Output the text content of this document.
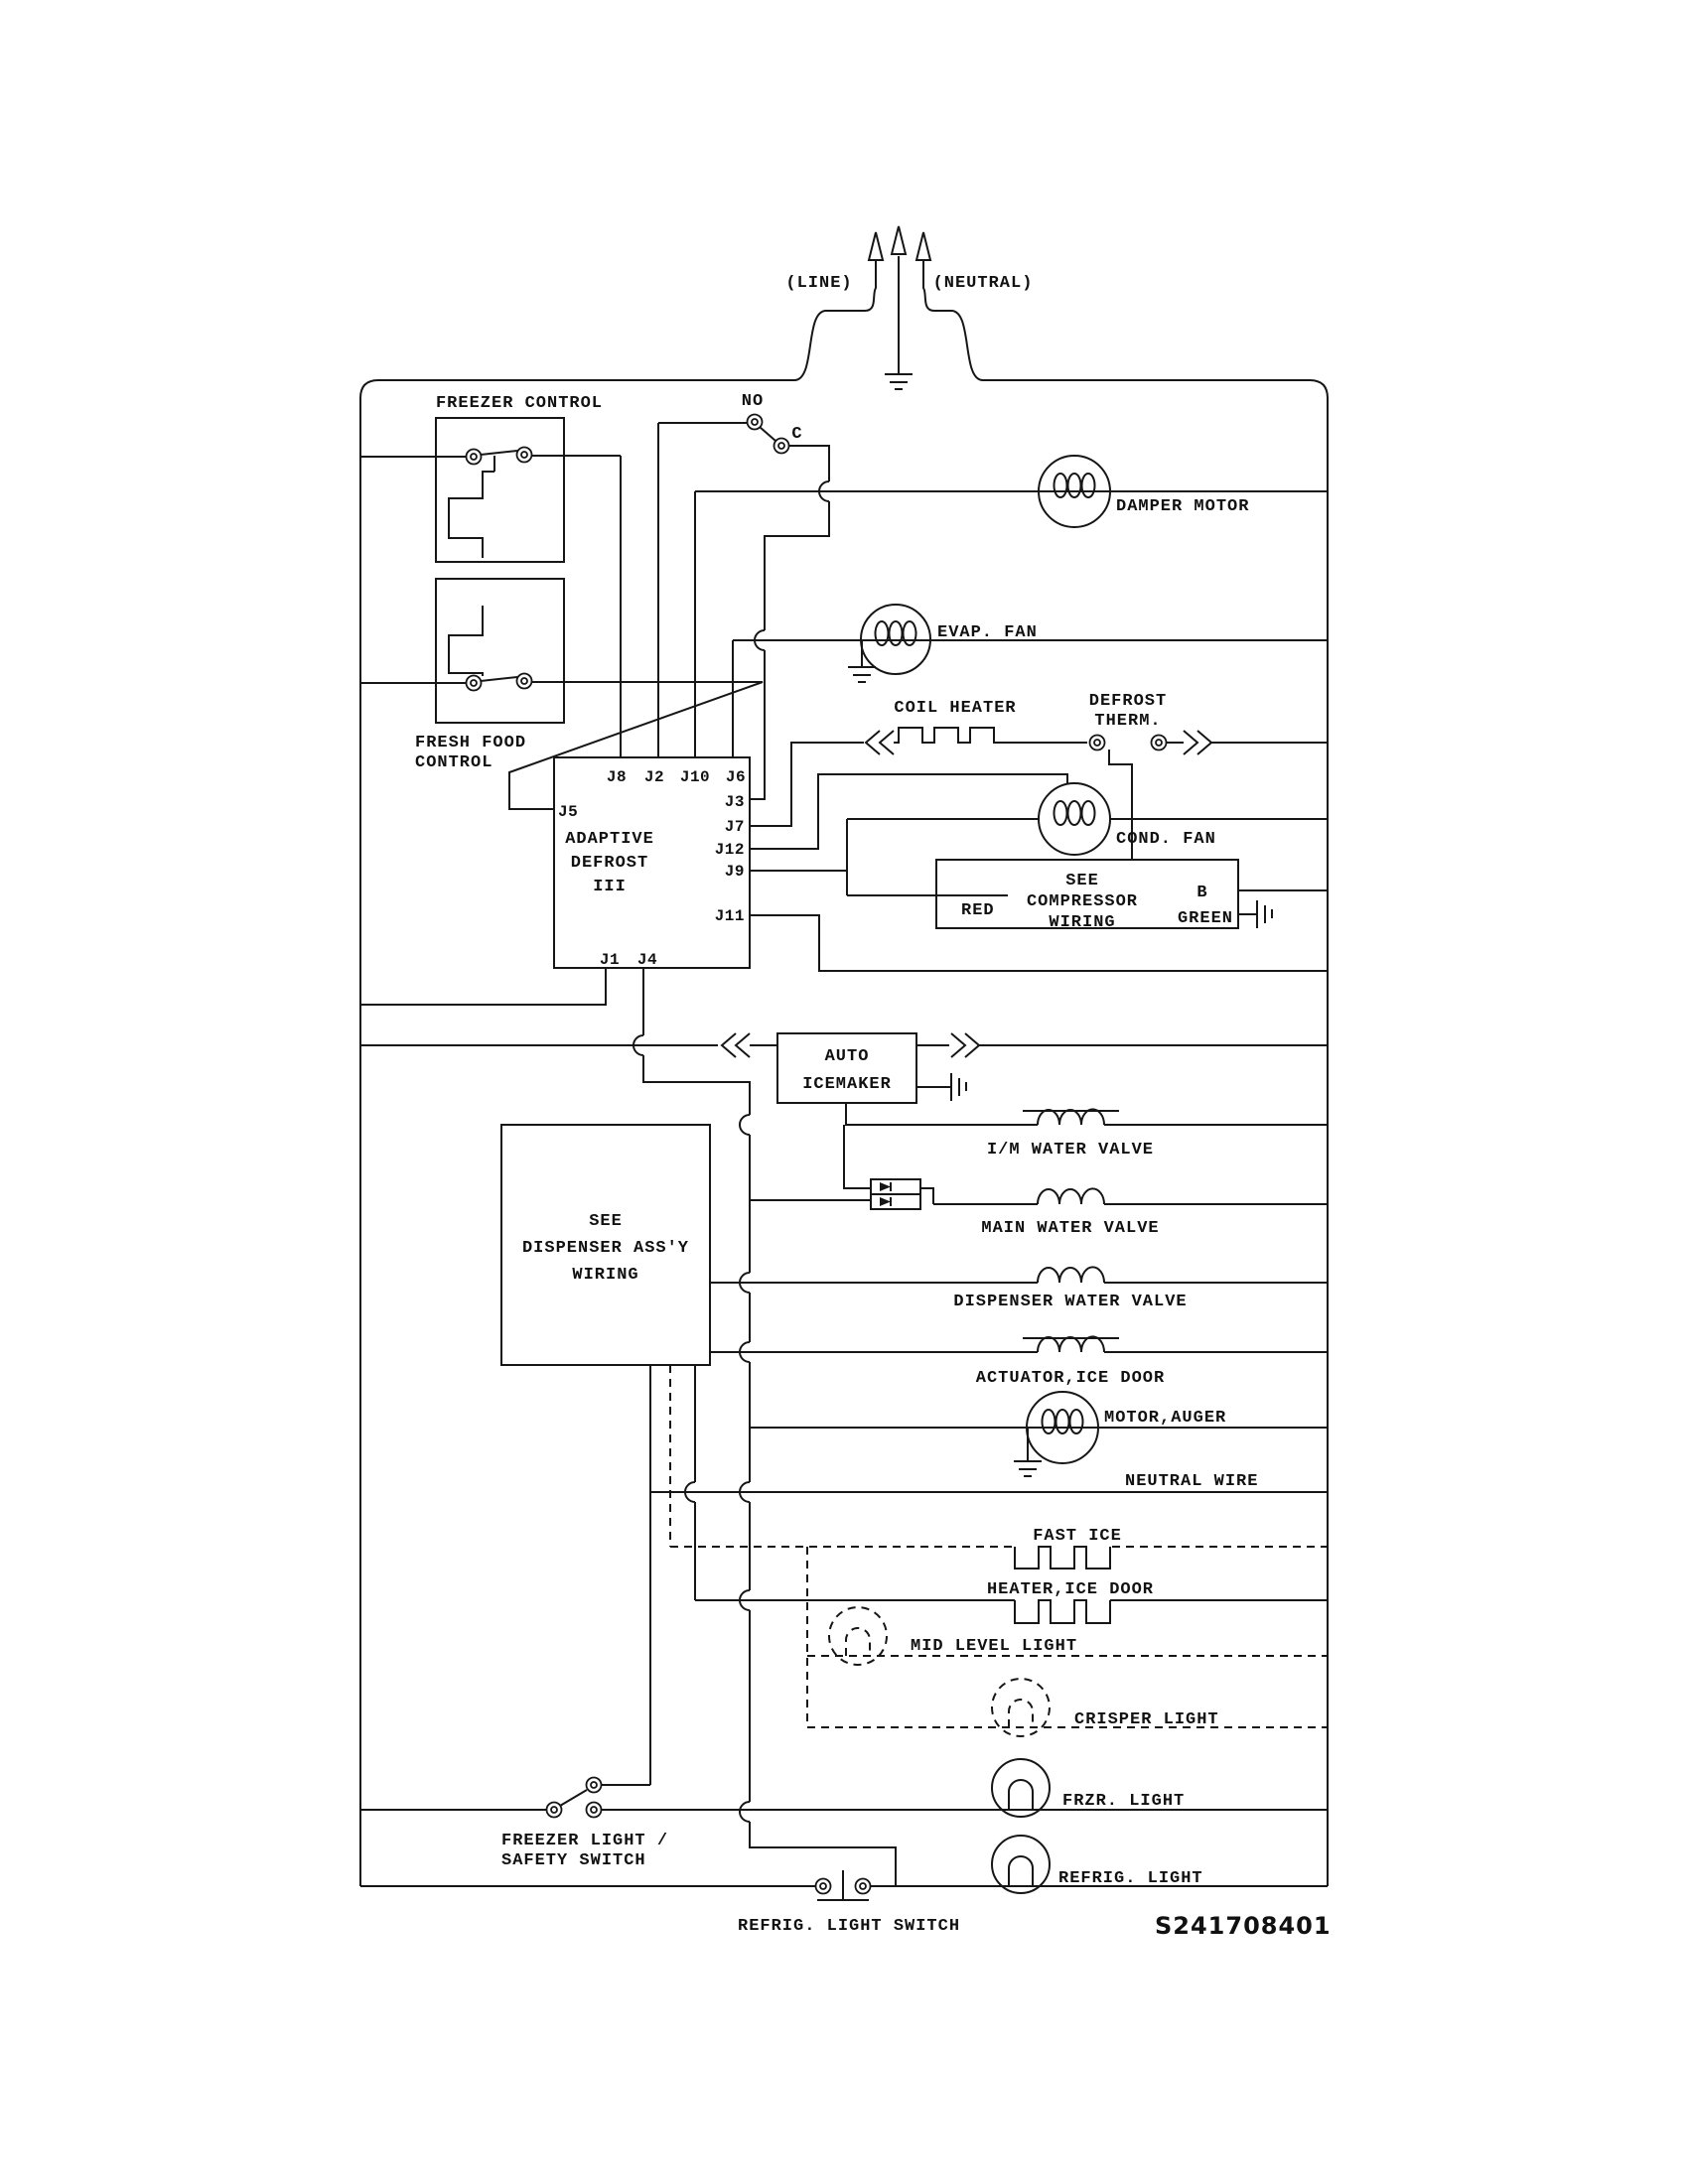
(LINE)	(NEUTRAL)
FREEZER CONTROL
FRESH FOOD
CONTROL
NO
C
DAMPER MOTOR
EVAP. FAN
COIL HEATER	DEFROST
THERM.
J8 J2 J10 J6
J5
J3
J7
J12
J9
J11
J1 J4
ADAPTIVE
DEFROST
III
COND. FAN
SEE
COMPRESSOR
WIRING
RED
B
GREEN
AUTO
ICEMAKER
SEE
DISPENSER ASS'Y
WIRING
I/M WATER VALVE
MAIN WATER VALVE
DISPENSER WATER VALVE
ACTUATOR,ICE DOOR
MOTOR,AUGER
NEUTRAL WIRE
FAST ICE
HEATER,ICE DOOR
MID LEVEL LIGHT
CRISPER LIGHT
FREEZER LIGHT /
SAFETY SWITCH
FRZR. LIGHT
REFRIG. LIGHT SWITCH
REFRIG. LIGHT
S241708401
